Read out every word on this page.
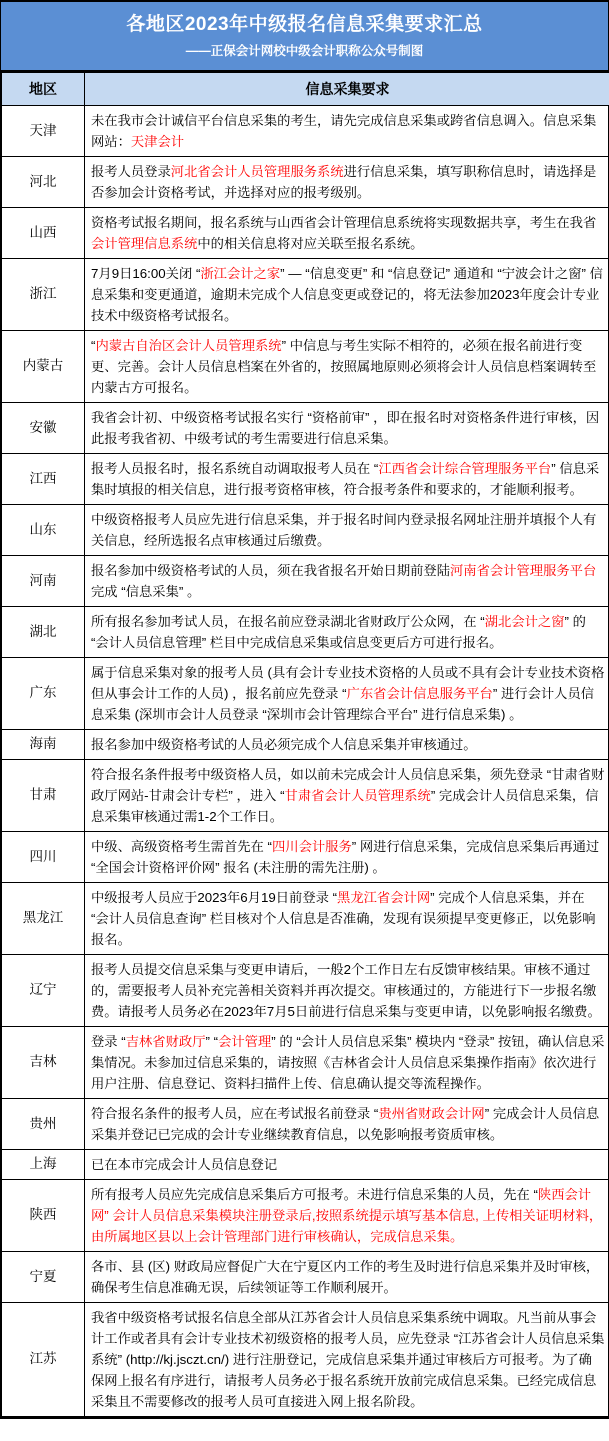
各地区2023年中级报名信息采集要求汇总
——正保会计网校中级会计职称公众号制图
地区	信息采集要求
天津	未在我市会计诚信平台信息采集的考生，请先完成信息采集或跨省信息调入。信息采集网站：天津会计

河北	报考人员登录河北省会计人员管理服务系统进行信息采集，填写职称信息时，请选择是否参加会计资格考试，并选择对应的报考级别。

山西	资格考试报名期间，报名系统与山西省会计管理信息系统将实现数据共享，考生在我省会计管理信息系统中的相关信息将对应关联至报名系统。

浙江	7月9日16:00关闭 “浙江会计之家” — “信息变更” 和 “信息登记” 通道和 “宁波会计之窗” 信息采集和变更通道，逾期未完成个人信息变更或登记的，将无法参加2023年度会计专业技术中级资格考试报名。

内蒙古	“内蒙古自治区会计人员管理系统” 中信息与考生实际不相符的，必须在报名前进行变更、完善。会计人员信息档案在外省的，按照属地原则必须将会计人员信息档案调转至内蒙古方可报名。

安徽	我省会计初、中级资格考试报名实行 “资格前审” ，即在报名时对资格条件进行审核，因此报考我省初、中级考试的考生需要进行信息采集。

江西	报考人员报名时，报名系统自动调取报考人员在 “江西省会计综合管理服务平台” 信息采集时填报的相关信息，进行报考资格审核，符合报考条件和要求的，才能顺利报考。

山东	中级资格报考人员应先进行信息采集，并于报名时间内登录报名网址注册并填报个人有关信息，经所选报名点审核通过后缴费。

河南	报名参加中级资格考试的人员，须在我省报名开始日期前登陆河南省会计管理服务平台完成 “信息采集” 。

湖北	所有报名参加考试人员，在报名前应登录湖北省财政厅公众网，在 “湖北会计之窗” 的 “会计人员信息管理” 栏目中完成信息采集或信息变更后方可进行报名。

广东	属于信息采集对象的报考人员 (具有会计专业技术资格的人员或不具有会计专业技术资格但从事会计工作的人员) ，报名前应先登录 “广东省会计信息服务平台” 进行会计人员信息采集 (深圳市会计人员登录 “深圳市会计管理综合平台” 进行信息采集) 。

海南	报名参加中级资格考试的人员必须完成个人信息采集并审核通过。

甘肃	符合报名条件报考中级资格人员，如以前未完成会计人员信息采集，须先登录 “甘肃省财政厅网站-甘肃会计专栏” ，进入 “甘肃省会计人员管理系统” 完成会计人员信息采集，信息采集审核通过需1-2个工作日。

四川	中级、高级资格考生需首先在 “四川会计服务” 网进行信息采集，完成信息采集后再通过 “全国会计资格评价网” 报名 (未注册的需先注册) 。

黑龙江	中级报考人员应于2023年6月19日前登录 “黑龙江省会计网” 完成个人信息采集，并在 “会计人员信息查询” 栏目核对个人信息是否准确，发现有误须提早变更修正，以免影响报名。

辽宁	报考人员提交信息采集与变更申请后，一般2个工作日左右反馈审核结果。审核不通过的，需要报考人员补充完善相关资料并再次提交。审核通过的，方能进行下一步报名缴费。请报考人员务必在2023年7月5日前进行信息采集与变更申请，以免影响报名缴费。

吉林	登录 “吉林省财政厅” “会计管理” 的 “会计人员信息采集” 模块内 “登录” 按钮，确认信息采集情况。未参加过信息采集的，请按照《吉林省会计人员信息采集操作指南》依次进行用户注册、信息登记、资料扫描件上传、信息确认提交等流程操作。

贵州	符合报名条件的报考人员，应在考试报名前登录 “贵州省财政会计网” 完成会计人员信息采集并登记已完成的会计专业继续教育信息，以免影响报考资质审核。

上海	已在本市完成会计人员信息登记

陕西	所有报考人员应先完成信息采集后方可报考。未进行信息采集的人员，先在 “陕西会计网” 会计人员信息采集模块注册登录后,按照系统提示填写基本信息, 上传相关证明材料， 由所属地区县以上会计管理部门进行审核确认，完成信息采集。

宁夏	各市、县 (区) 财政局应督促广大在宁夏区内工作的考生及时进行信息采集并及时审核，确保考生信息准确无误，后续领证等工作顺利展开。

江苏	我省中级资格考试报名信息全部从江苏省会计人员信息采集系统中调取。凡当前从事会计工作或者具有会计专业技术初级资格的报考人员，应先登录 “江苏省会计人员信息采集系统” (http://kj.jsczt.cn/) 进行注册登记，完成信息采集并通过审核后方可报考。为了确保网上报名有序进行，请报考人员务必于报名系统开放前完成信息采集。已经完成信息采集且不需要修改的报考人员可直接进入网上报名阶段。
